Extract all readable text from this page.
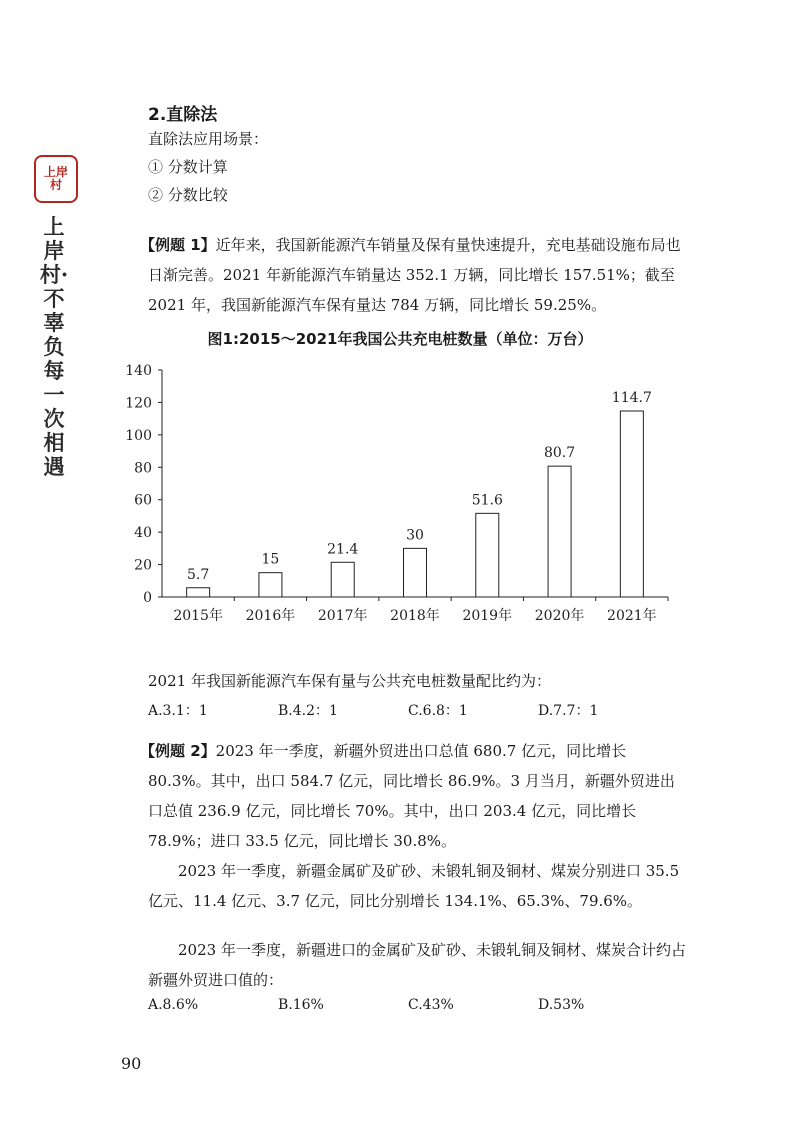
上岸村
上岸村·不辜负每一次相遇
2.直除法
直除法应用场景：
① 分数计算
② 分数比较

【例题 1】近年来，我国新能源汽车销量及保有量快速提升，充电基础设施布局也日渐完善。2021 年新能源汽车销量达 352.1 万辆，同比增长 157.51%；截至 2021 年，我国新能源汽车保有量达 784 万辆，同比增长 59.25%。

图1:2015～2021年我国公共充电桩数量（单位：万台）
0
20
40
60
80
100
120
140
5.7
2015年
15
2016年
21.4
2017年
30
2018年
51.6
2019年
80.7
2020年
114.7
2021年
2021 年我国新能源汽车保有量与公共充电桩数量配比约为：
A.3.1：1	B.4.2：1	C.6.8：1	D.7.7：1

【例题 2】2023 年一季度，新疆外贸进出口总值 680.7 亿元，同比增长 80.3%。其中，出口 584.7 亿元，同比增长 86.9%。3 月当月，新疆外贸进出口总值 236.9 亿元，同比增长 70%。其中，出口 203.4 亿元，同比增长 78.9%；进口 33.5 亿元，同比增长 30.8%。

2023 年一季度，新疆金属矿及矿砂、未锻轧铜及铜材、煤炭分别进口 35.5 亿元、11.4 亿元、3.7 亿元，同比分别增长 134.1%、65.3%、79.6%。

2023 年一季度，新疆进口的金属矿及矿砂、未锻轧铜及铜材、煤炭合计约占新疆外贸进口值的：

A.8.6%	B.16%	C.43%	D.53%
90
